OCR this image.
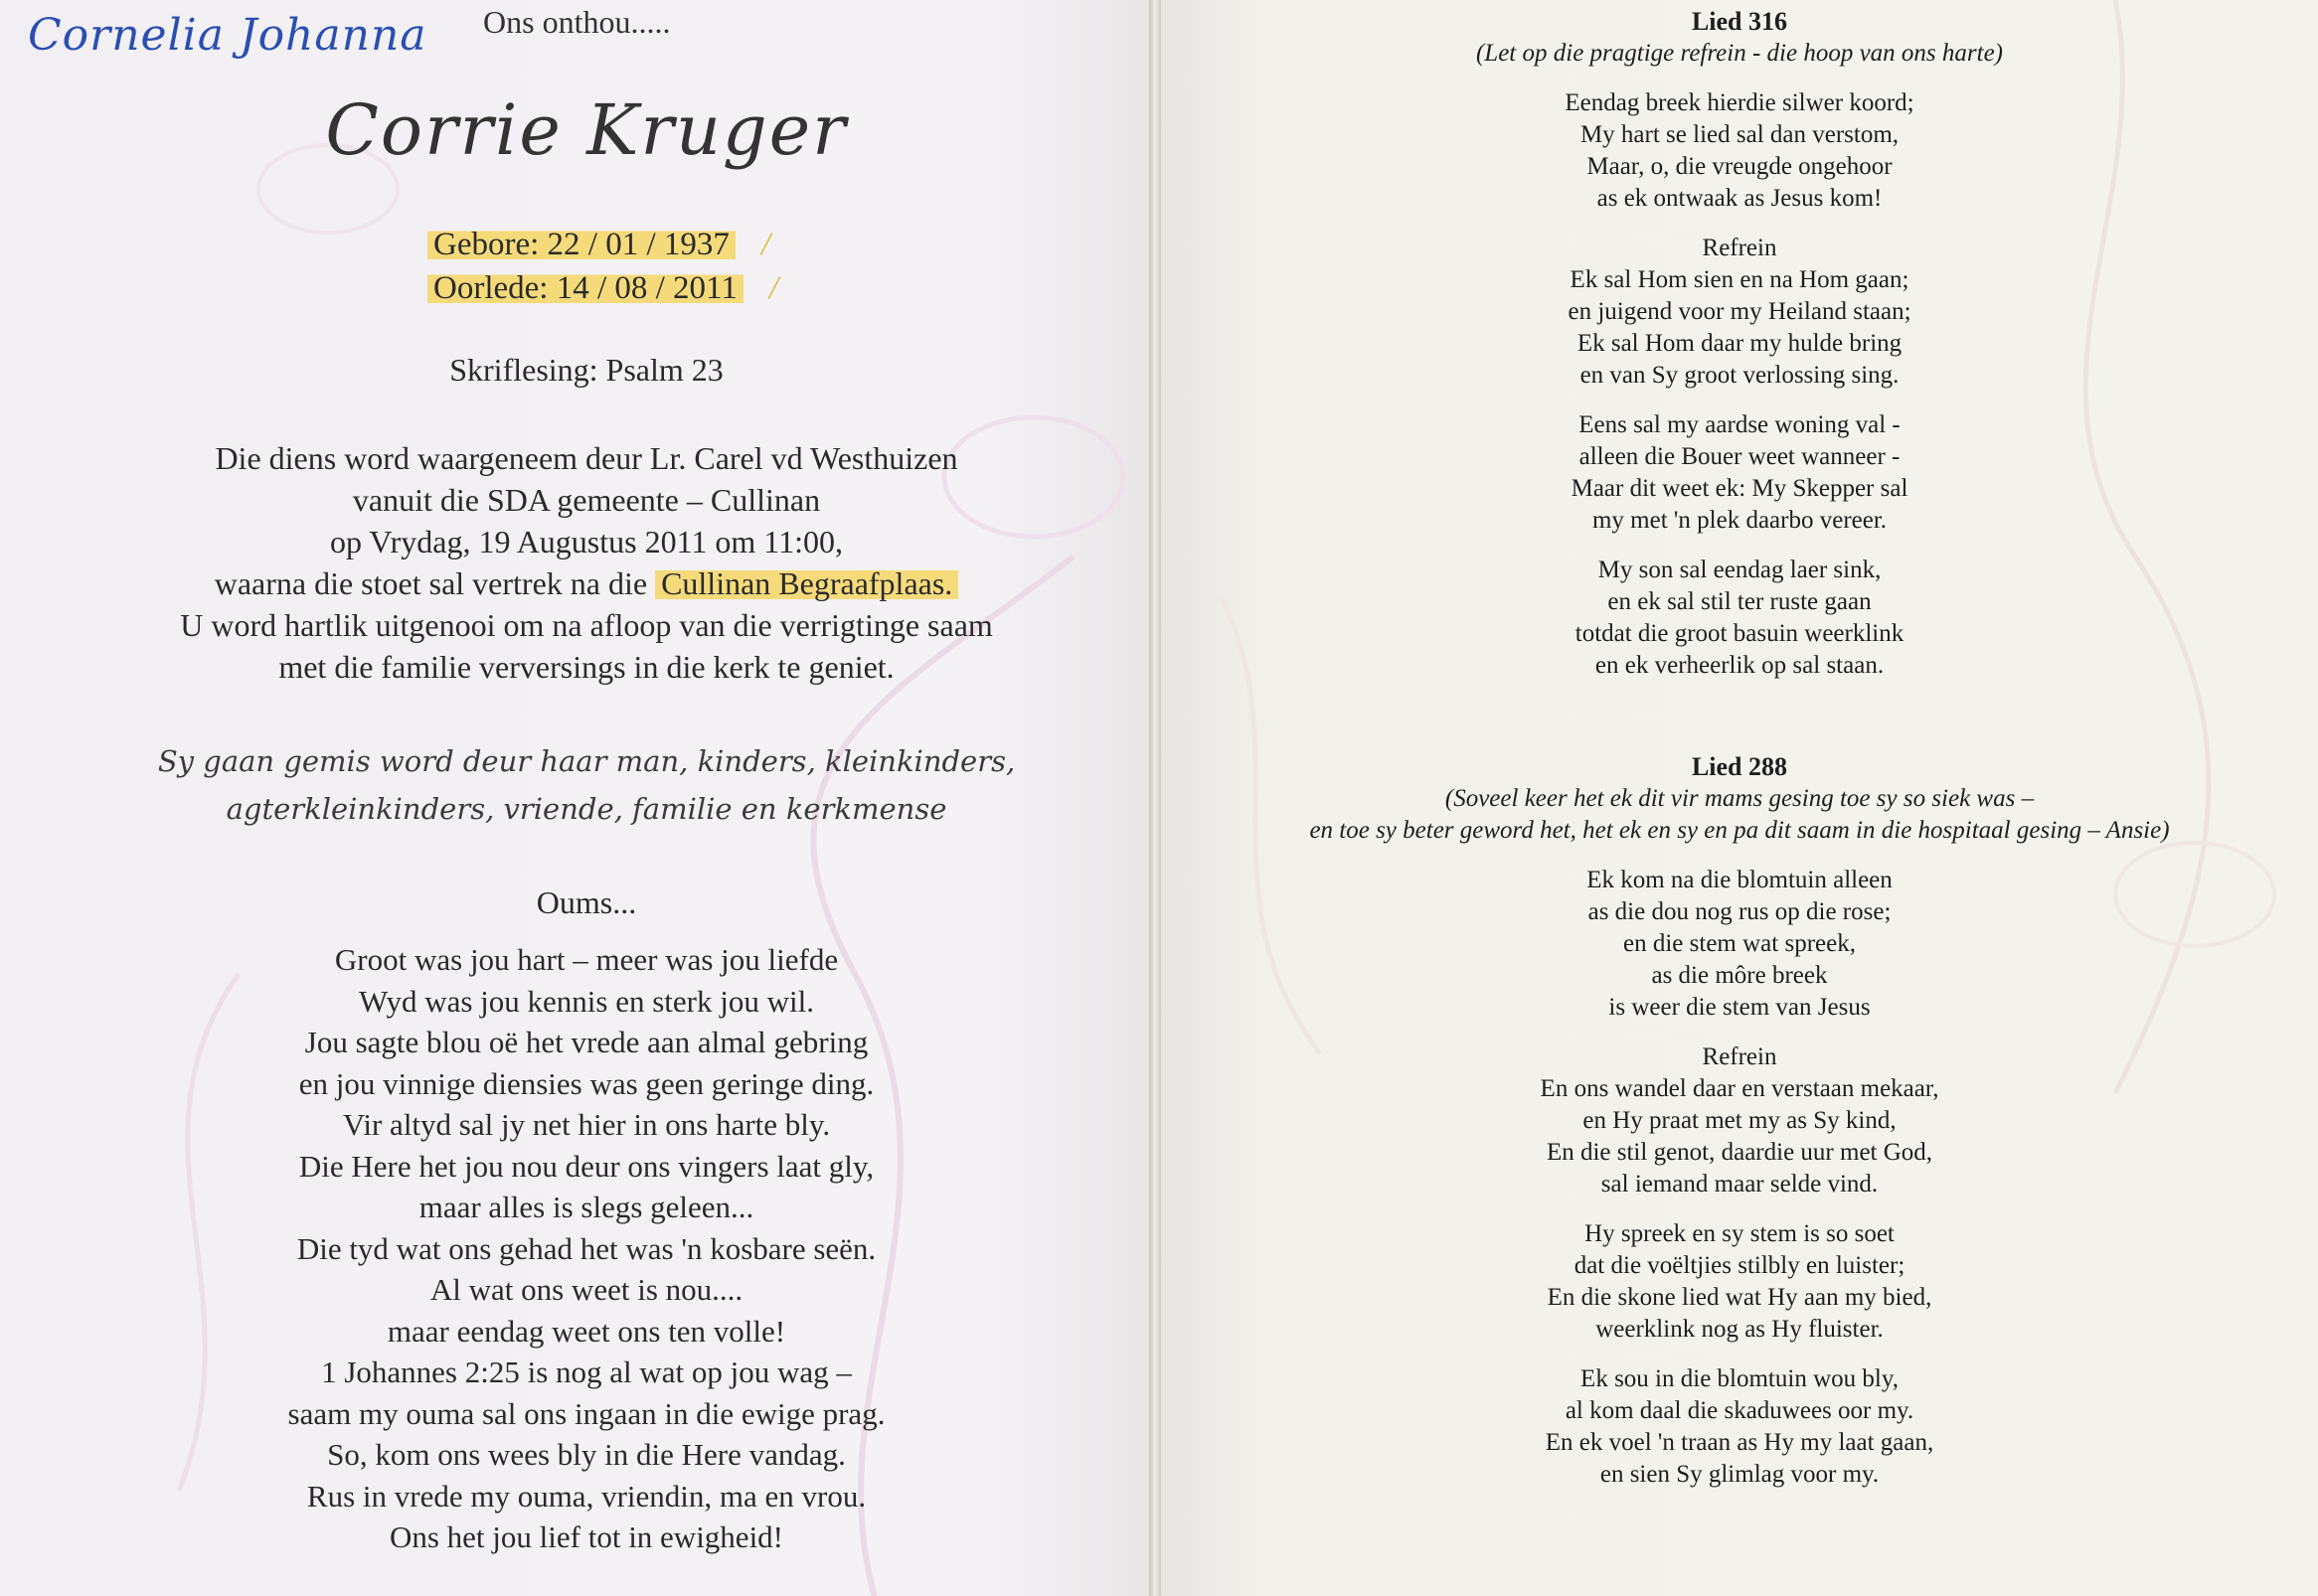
Cornelia Johanna Ons onthou.....
Corrie Kruger
Gebore: 22 / 01 / 1937 /
Oorlede: 14 / 08 / 2011 /
Skriflesing: Psalm 23
Die diens word waargeneem deur Lr. Carel vd Westhuizen
vanuit die SDA gemeente – Cullinan
op Vrydag, 19 Augustus 2011 om 11:00,
waarna die stoet sal vertrek na die Cullinan Begraafplaas.
U word hartlik uitgenooi om na afloop van die verrigtinge saam
met die familie verversings in die kerk te geniet.
Sy gaan gemis word deur haar man, kinders, kleinkinders,
agterkleinkinders, vriende, familie en kerkmense
Oums...
Groot was jou hart – meer was jou liefde
Wyd was jou kennis en sterk jou wil.
Jou sagte blou oë het vrede aan almal gebring
en jou vinnige diensies was geen geringe ding.
Vir altyd sal jy net hier in ons harte bly.
Die Here het jou nou deur ons vingers laat gly,
maar alles is slegs geleen...
Die tyd wat ons gehad het was 'n kosbare seën.
Al wat ons weet is nou....
maar eendag weet ons ten volle!
1 Johannes 2:25 is nog al wat op jou wag –
saam my ouma sal ons ingaan in die ewige prag.
So, kom ons wees bly in die Here vandag.
Rus in vrede my ouma, vriendin, ma en vrou.
Ons het jou lief tot in ewigheid!
Lied 316
(Let op die pragtige refrein - die hoop van ons harte)
Eendag breek hierdie silwer koord;
My hart se lied sal dan verstom,
Maar, o, die vreugde ongehoor
as ek ontwaak as Jesus kom!
Refrein
Ek sal Hom sien en na Hom gaan;
en juigend voor my Heiland staan;
Ek sal Hom daar my hulde bring
en van Sy groot verlossing sing.
Eens sal my aardse woning val -
alleen die Bouer weet wanneer -
Maar dit weet ek: My Skepper sal
my met 'n plek daarbo vereer.
My son sal eendag laer sink,
en ek sal stil ter ruste gaan
totdat die groot basuin weerklink
en ek verheerlik op sal staan.
Lied 288
(Soveel keer het ek dit vir mams gesing toe sy so siek was –
en toe sy beter geword het, het ek en sy en pa dit saam in die hospitaal gesing – Ansie)
Ek kom na die blomtuin alleen
as die dou nog rus op die rose;
en die stem wat spreek,
as die môre breek
is weer die stem van Jesus
Refrein
En ons wandel daar en verstaan mekaar,
en Hy praat met my as Sy kind,
En die stil genot, daardie uur met God,
sal iemand maar selde vind.
Hy spreek en sy stem is so soet
dat die voëltjies stilbly en luister;
En die skone lied wat Hy aan my bied,
weerklink nog as Hy fluister.
Ek sou in die blomtuin wou bly,
al kom daal die skaduwees oor my.
En ek voel 'n traan as Hy my laat gaan,
en sien Sy glimlag voor my.
